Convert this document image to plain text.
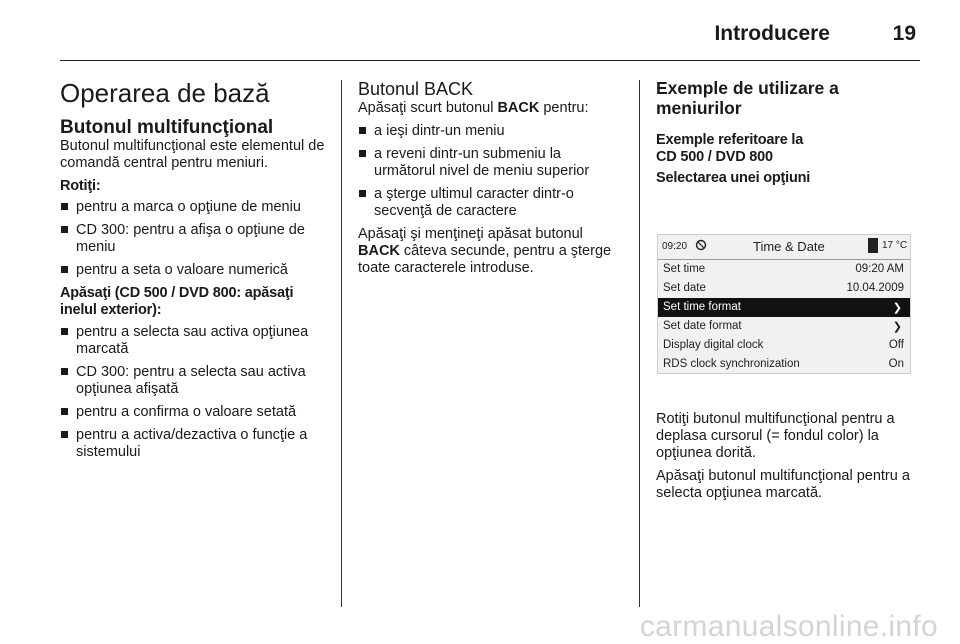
Introducere	19
Operarea de bază
Butonul multifuncţional

Butonul multifuncţional este elementul de comandă central pentru meniuri.

Rotiţi:
pentru a marca o opţiune de meniu
CD 300: pentru a afişa o opţiune de meniu
pentru a seta o valoare numerică
Apăsaţi (CD 500 / DVD 800: apăsaţi inelul exterior):
pentru a selecta sau activa opţiunea marcată
CD 300: pentru a selecta sau activa opţiunea afişată
pentru a confirma o valoare setată
pentru a activa/dezactiva o funcţie a sistemului
Butonul BACK

Apăsaţi scurt butonul BACK pentru:

a ieşi dintr-un meniu
a reveni dintr-un submeniu la următorul nivel de meniu superior
a şterge ultimul caracter dintr-o secvenţă de caractere

Apăsaţi şi menţineţi apăsat butonul BACK câteva secunde, pentru a şterge toate caracterele introduse.

Exemple de utilizare a meniurilor
Exemple referitoare la CD 500 / DVD 800
Selectarea unei opţiuni
09:20	Time & Date	17 °C
Set time	09:20 AM
Set date	10.04.2009
Set time format	❯
Set date format	❯
Display digital clock	Off
RDS clock synchronization	On

Rotiţi butonul multifuncţional pentru a deplasa cursorul (= fondul color) la opţiunea dorită.

Apăsaţi butonul multifuncţional pentru a selecta opţiunea marcată.

carmanualsonline.info
